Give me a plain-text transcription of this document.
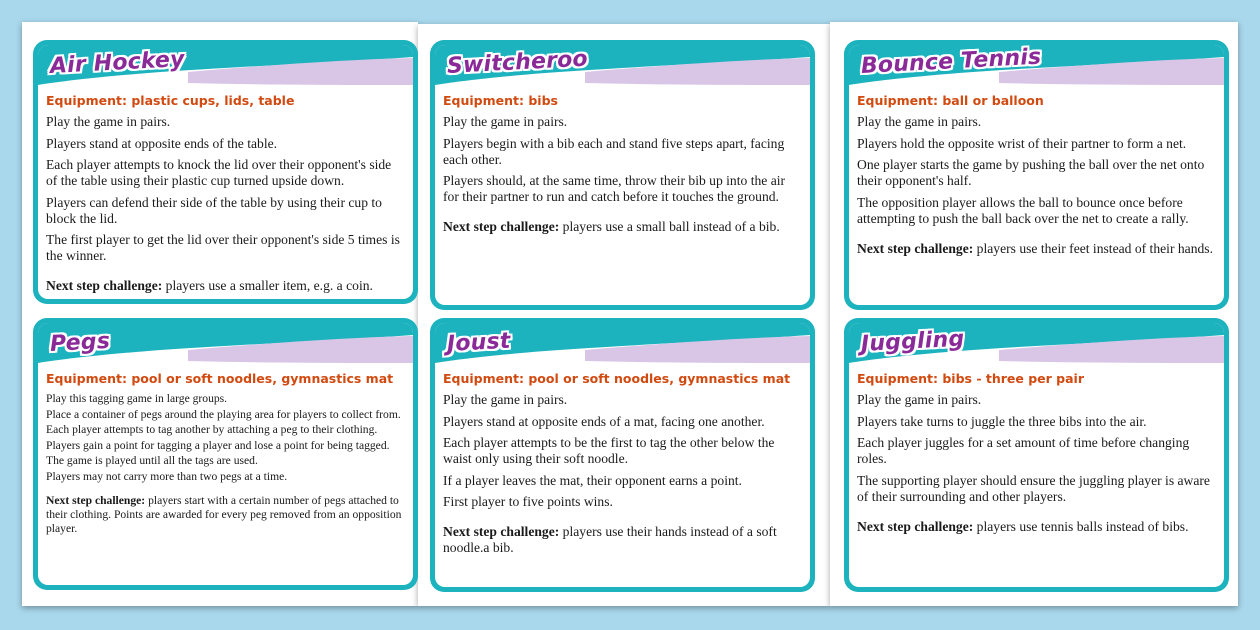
Air Hockey
Equipment: plastic cups, lids, table
Play the game in pairs.
Players stand at opposite ends of the table.
Each player attempts to knock the lid over their opponent's side of the table using their plastic cup turned upside down.
Players can defend their side of the table by using their cup to block the lid.
The first player to get the lid over their opponent's side 5 times is the winner.
Next step challenge: players use a smaller item, e.g. a coin.
Switcheroo
Equipment: bibs
Play the game in pairs.
Players begin with a bib each and stand five steps apart, facing each other.
Players should, at the same time, throw their bib up into the air for their partner to run and catch before it touches the ground.
Next step challenge: players use a small ball instead of a bib.
Bounce Tennis
Equipment: ball or balloon
Play the game in pairs.
Players hold the opposite wrist of their partner to form a net.
One player starts the game by pushing the ball over the net onto their opponent's half.
The opposition player allows the ball to bounce once before attempting to push the ball back over the net to create a rally.
Next step challenge: players use their feet instead of their hands.
Pegs
Equipment: pool or soft noodles, gymnastics mat
Play this tagging game in large groups.
Place a container of pegs around the playing area for players to collect from.
Each player attempts to tag another by attaching a peg to their clothing.
Players gain a point for tagging a player and lose a point for being tagged.
The game is played until all the tags are used.
Players may not carry more than two pegs at a time.
Next step challenge: players start with a certain number of pegs attached to their clothing. Points are awarded for every peg removed from an opposition player.
Joust
Equipment: pool or soft noodles, gymnastics mat
Play the game in pairs.
Players stand at opposite ends of a mat, facing one another.
Each player attempts to be the first to tag the other below the waist only using their soft noodle.
If a player leaves the mat, their opponent earns a point.
First player to five points wins.
Next step challenge: players use their hands instead of a soft noodle.a bib.
Juggling
Equipment: bibs - three per pair
Play the game in pairs.
Players take turns to juggle the three bibs into the air.
Each player juggles for a set amount of time before changing roles.
The supporting player should ensure the juggling player is aware of their surrounding and other players.
Next step challenge: players use tennis balls instead of bibs.
